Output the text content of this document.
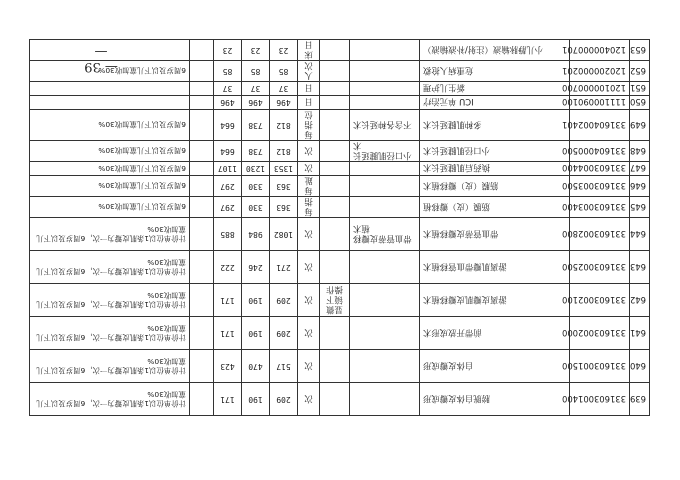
— 39 —
639	331603001400	膀胱自体皮瓣成形			次	209	190	171		计价单位以1条肌皮瓣为一次，6周岁及以下儿童加收30%
640	331603001500	自体皮瓣成形			次	517	470	423		计价单位以1条肌皮瓣为一次，6周岁及以下儿童加收30%
641	331603002000	前带开放成形术			次	209	190	171		计价单位以1条肌皮瓣为一次，6周岁及以下儿童加收30%
642	331603002100	游离皮瓣肌皮瓣移植术		显微镜下操作	次	209	190	171		计价单位以1条肌皮瓣为一次，6周岁及以下儿童加收30%
643	331603002500	游离肌瓣带血管移植术			次	271	246	222		计价单位以1条肌皮瓣为一次，6周岁及以下儿童加收30%
644	331603002800	带血管蒂皮瓣移植术	带血管蒂皮瓣移植术		次	1082	984	885		计价单位以1条肌皮瓣为一次，6周岁及以下儿童加收30%
645	331603003400	筋膜（皮）瓣移植			每指	363	330	297		6周岁及以下儿童加收30%
646	331603003500	筋膜（皮）瓣移植术			每趾	363	330	297		6周岁及以下儿童加收30%
647	331603004400	换药后肌腱延长术			次	1353	1230	1107		6周岁及以下儿童加收30%
648	331604000500	小口径肌腱延长术	小口径肌腱延长术		次	812	738	664		6周岁及以下儿童加收30%
649	331604002401	多种肌腱延长术	不含各种延长术		每指位	812	738	664		6周岁及以下儿童加收30%
650	111100090100	ICU 单元治疗			日	496	496	496		
651	120100000700	新生儿护理			日	37	37	37		
652	120200000201	危重病人抢救			人次	85	85	85		6周岁及以下儿童加收30%
653	120400000701	小儿静脉输液（注射/补液输液）			床日	23	23	23		
